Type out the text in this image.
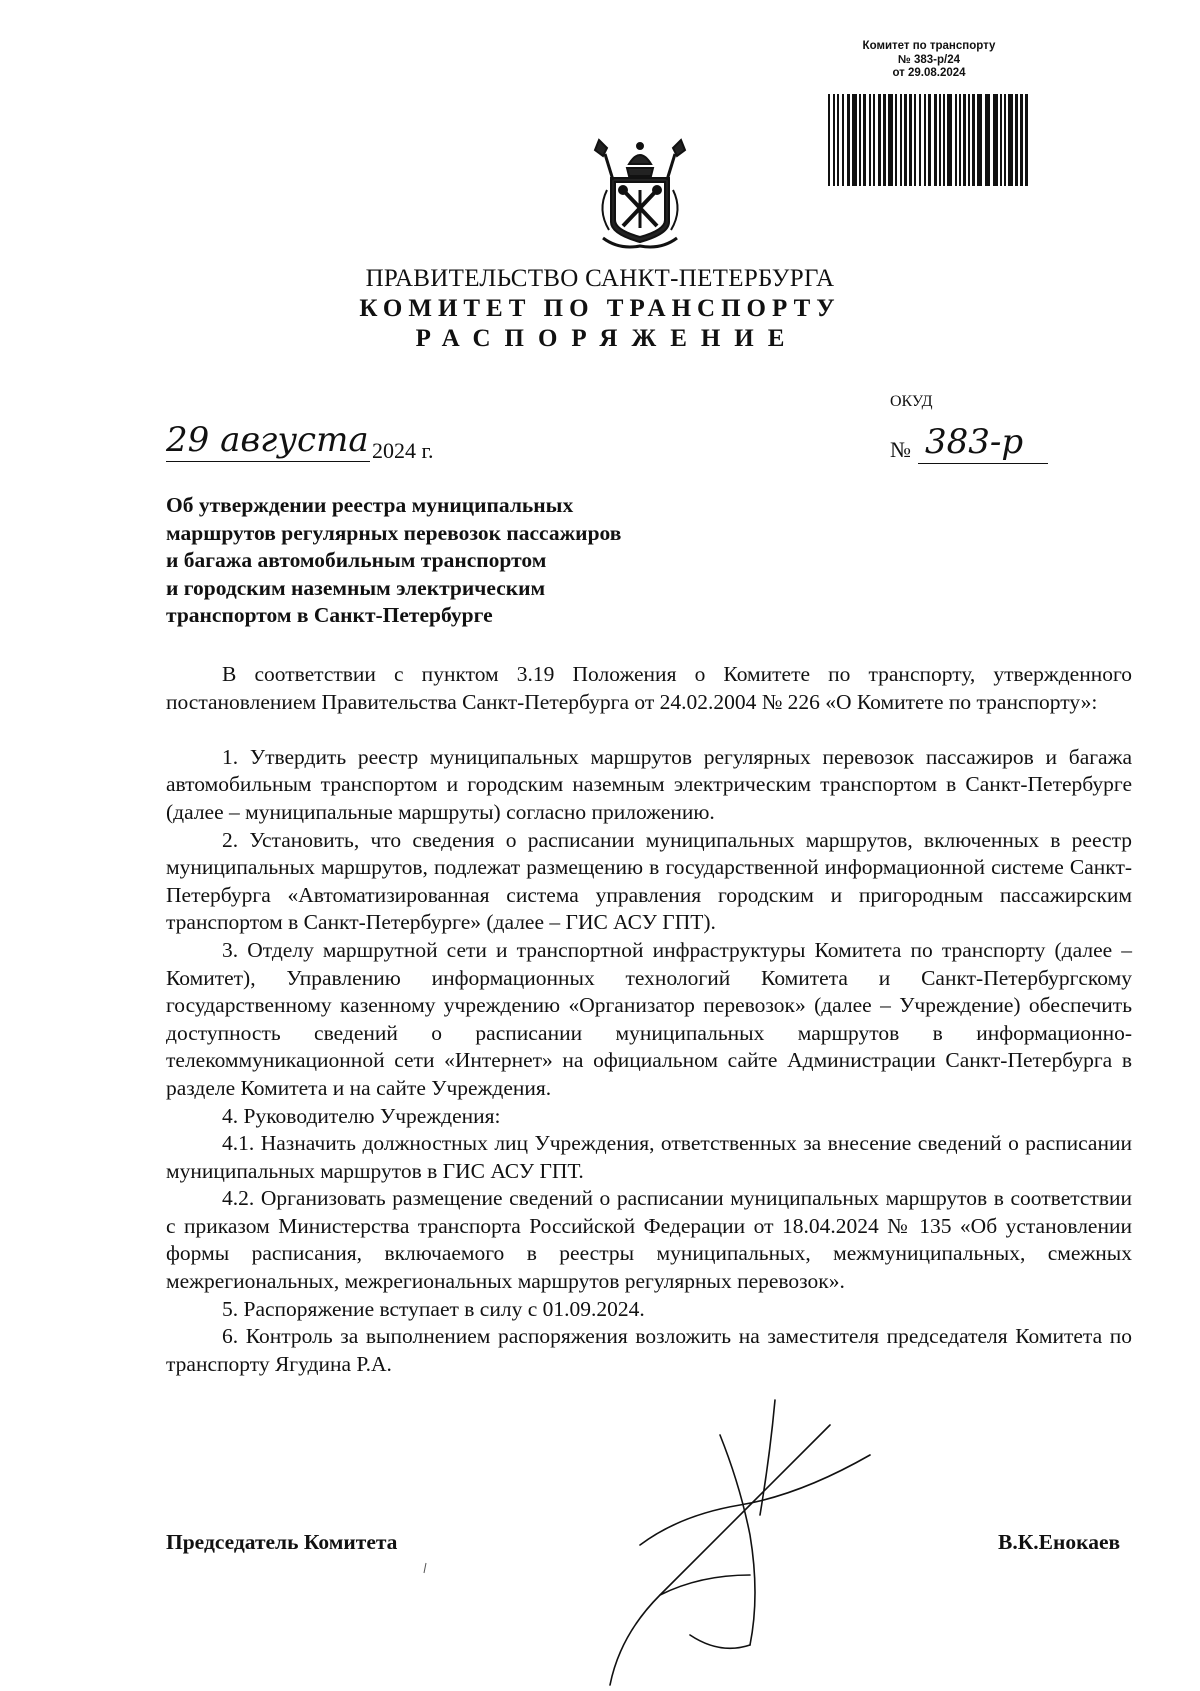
Комитет по транспорту
№ 383-р/24
от 29.08.2024
ПРАВИТЕЛЬСТВО САНКТ-ПЕТЕРБУРГА
КОМИТЕТ ПО ТРАНСПОРТУ
РАСПОРЯЖЕНИЕ
ОКУД
29 августа 2024 г.	№ 383-р
Об утверждении реестра муниципальных
маршрутов регулярных перевозок пассажиров
и багажа автомобильным транспортом
и городским наземным электрическим
транспортом в Санкт-Петербурге

В соответствии с пунктом 3.19 Положения о Комитете по транспорту, утвержденного постановлением Правительства Санкт-Петербурга от 24.02.2004 № 226 «О Комитете по транспорту»:

1. Утвердить реестр муниципальных маршрутов регулярных перевозок пассажиров и багажа автомобильным транспортом и городским наземным электрическим транспортом в Санкт-Петербурге (далее – муниципальные маршруты) согласно приложению.

2. Установить, что сведения о расписании муниципальных маршрутов, включенных в реестр муниципальных маршрутов, подлежат размещению в государственной информационной системе Санкт-Петербурга «Автоматизированная система управления городским и пригородным пассажирским транспортом в Санкт-Петербурге» (далее – ГИС АСУ ГПТ).

3. Отделу маршрутной сети и транспортной инфраструктуры Комитета по транспорту (далее – Комитет), Управлению информационных технологий Комитета и Санкт-Петербургскому государственному казенному учреждению «Организатор перевозок» (далее – Учреждение) обеспечить доступность сведений о расписании муниципальных маршрутов в информационно-телекоммуникационной сети «Интернет» на официальном сайте Администрации Санкт-Петербурга в разделе Комитета и на сайте Учреждения.

4. Руководителю Учреждения:

4.1. Назначить должностных лиц Учреждения, ответственных за внесение сведений о расписании муниципальных маршрутов в ГИС АСУ ГПТ.

4.2. Организовать размещение сведений о расписании муниципальных маршрутов в соответствии с приказом Министерства транспорта Российской Федерации от 18.04.2024 № 135 «Об установлении формы расписания, включаемого в реестры муниципальных, межмуниципальных, смежных межрегиональных, межрегиональных маршрутов регулярных перевозок».

5. Распоряжение вступает в силу с 01.09.2024.

6. Контроль за выполнением распоряжения возложить на заместителя председателя Комитета по транспорту Ягудина Р.А.

Председатель Комитета	В.К.Енокаев
